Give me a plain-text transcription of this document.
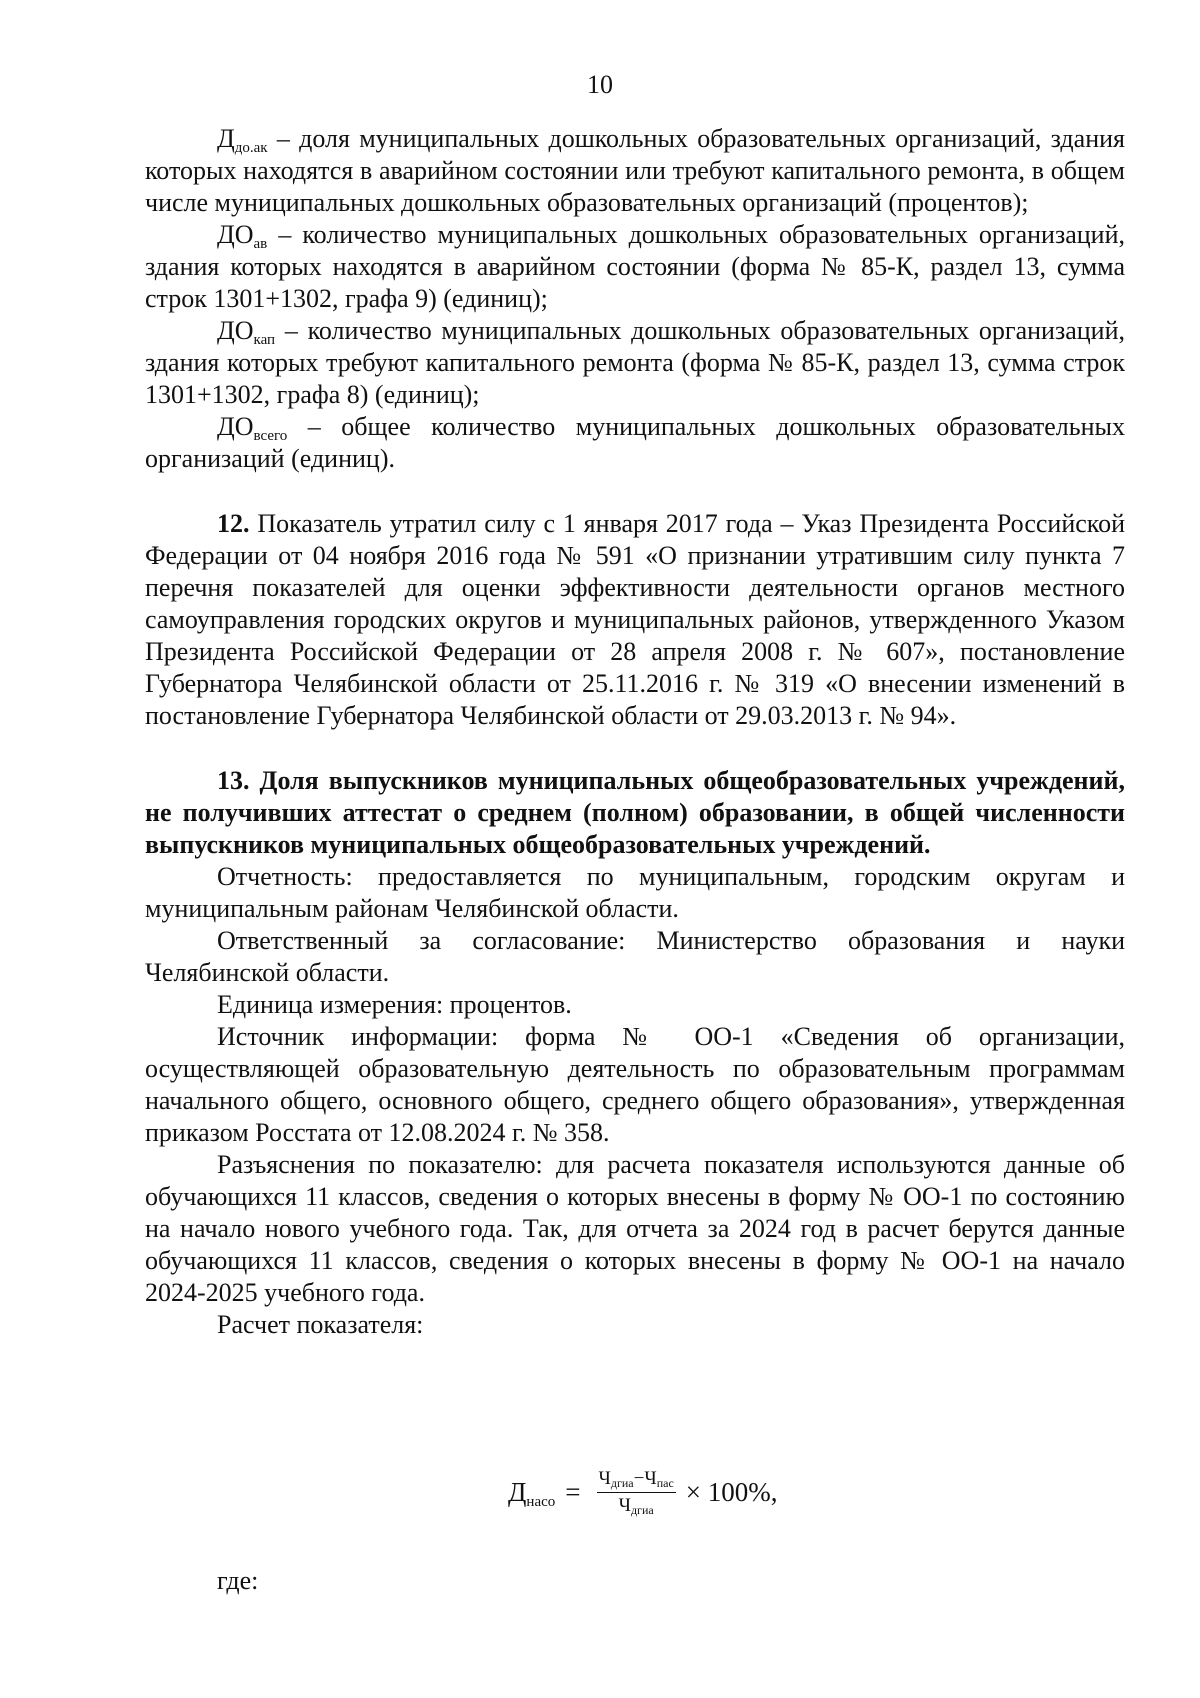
10

$Д_{до.ак}$ – доля муниципальных дошкольных образовательных организаций, здания которых находятся в аварийном состоянии или требуют капитального ремонта, в общем числе муниципальных дошкольных образовательных организаций (процентов);

$ДО_{ав}$ – количество муниципальных дошкольных образовательных организаций, здания которых находятся в аварийном состоянии (форма № 85-К, раздел 13, сумма строк 1301+1302, графа 9) (единиц);

$ДО_{кап}$ – количество муниципальных дошкольных образовательных организаций, здания которых требуют капитального ремонта (форма № 85-К, раздел 13, сумма строк 1301+1302, графа 8) (единиц);

$ДО_{всего}$ – общее количество муниципальных дошкольных образовательных организаций (единиц).

12. Показатель утратил силу с 1 января 2017 года – Указ Президента Российской Федерации от 04 ноября 2016 года № 591 «О признании утратившим силу пункта 7 перечня показателей для оценки эффективности деятельности органов местного самоуправления городских округов и муниципальных районов, утвержденного Указом Президента Российской Федерации от 28 апреля 2008 г. № 607», постановление Губернатора Челябинской области от 25.11.2016 г. № 319 «О внесении изменений в постановление Губернатора Челябинской области от 29.03.2013 г. № 94».

13. Доля выпускников муниципальных общеобразовательных учреждений, не получивших аттестат о среднем (полном) образовании, в общей численности выпускников муниципальных общеобразовательных учреждений.

Отчетность: предоставляется по муниципальным, городским округам и муниципальным районам Челябинской области.

Ответственный за согласование: Министерство образования и науки Челябинской области.

Единица измерения: процентов.

Источник информации: форма № ОО-1 «Сведения об организации, осуществляющей образовательную деятельность по образовательным программам начального общего, основного общего, среднего общего образования», утвержденная приказом Росстата от 12.08.2024 г. № 358.

Разъяснения по показателю: для расчета показателя используются данные об обучающихся 11 классов, сведения о которых внесены в форму № ОО-1 по состоянию на начало нового учебного года. Так, для отчета за 2024 год в расчет берутся данные обучающихся 11 классов, сведения о которых внесены в форму № ОО-1 на начало 2024-2025 учебного года.

Расчет показателя:

$Д_{насо} = \frac{Ч_{дгиа}-Ч_{пас}}{Ч_{дгиа}} \times 100\%$,
где:
